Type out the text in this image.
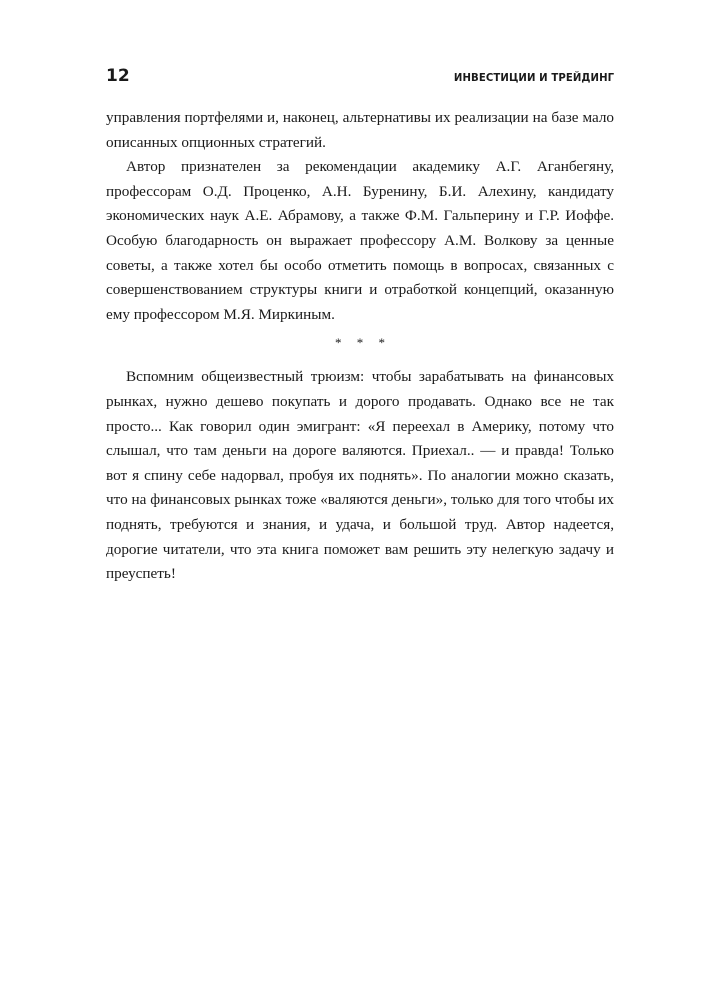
12	ИНВЕСТИЦИИ И ТРЕЙДИНГ

управления портфелями и, наконец, альтернативы их реализации на базе мало описанных опционных стратегий.

Автор признателен за рекомендации академику А.Г. Аганбегяну, профессорам О.Д. Проценко, А.Н. Буренину, Б.И. Алехину, кандидату экономических наук А.Е. Абрамову, а также Ф.М. Гальперину и Г.Р. Иоффе. Особую благодарность он выражает профессору А.М. Волкову за ценные советы, а также хотел бы особо отметить помощь в вопросах, связанных с совершенствованием структуры книги и отработкой концепций, оказанную ему профессором М.Я. Миркиным.

* * *

Вспомним общеизвестный трюизм: чтобы зарабатывать на финансовых рынках, нужно дешево покупать и дорого продавать. Однако все не так просто... Как говорил один эмигрант: «Я переехал в Америку, потому что слышал, что там деньги на дороге валяются. Приехал.. — и правда! Только вот я спину себе надорвал, пробуя их поднять». По аналогии можно сказать, что на финансовых рынках тоже «валяются деньги», только для того чтобы их поднять, требуются и знания, и удача, и большой труд. Автор надеется, дорогие читатели, что эта книга поможет вам решить эту нелегкую задачу и преуспеть!
